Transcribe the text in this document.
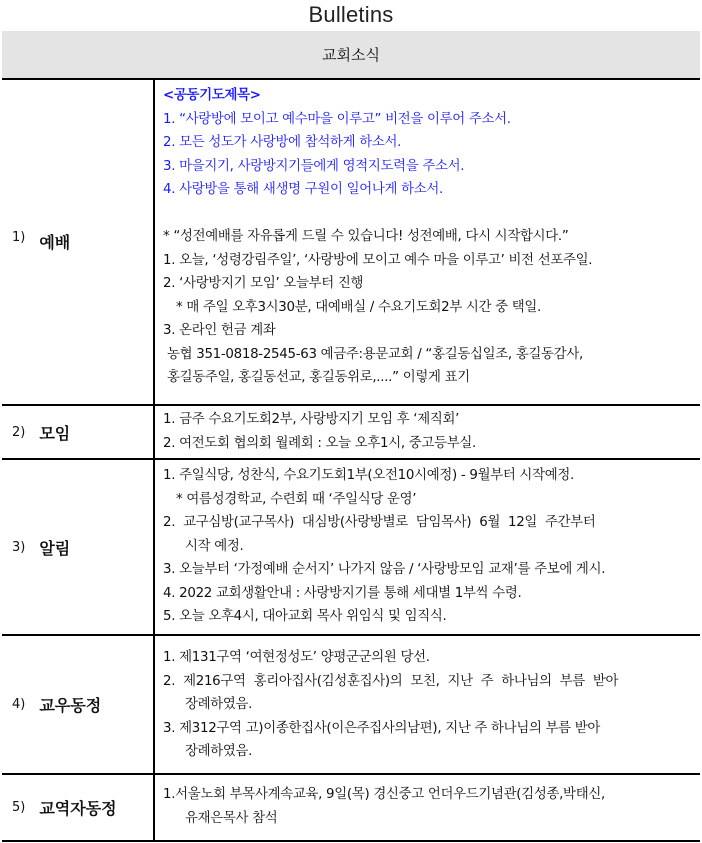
Bulletins
교회소식
1) 예배
<공동기도제목>
1. “사랑방에 모이고 예수마을 이루고” 비전을 이루어 주소서.
2. 모든 성도가 사랑방에 참석하게 하소서.
3. 마을지기, 사랑방지기들에게 영적지도력을 주소서.
4. 사랑방을 통해 새생명 구원이 일어나게 하소서.
* “성전예배를 자유롭게 드릴 수 있습니다! 성전예배, 다시 시작합시다.”
1. 오늘, ‘성령강림주일’, ‘사랑방에 모이고 예수 마을 이루고’ 비전 선포주일.
2. ‘사랑방지기 모임’ 오늘부터 진행
* 매 주일 오후3시30분, 대예배실 / 수요기도회2부 시간 중 택일.
3. 온라인 헌금 계좌
농협 351-0818-2545-63 예금주:용문교회 / “홍길동십일조, 홍길동감사,
홍길동주일, 홍길동선교, 홍길동위로,....” 이렇게 표기
2) 모임
1. 금주 수요기도회2부, 사랑방지기 모임 후 ‘제직회’
2. 여전도회 협의회 월례회 : 오늘 오후1시, 중고등부실.
3) 알림
1. 주일식당, 성찬식, 수요기도회1부(오전10시예정) - 9월부터 시작예정.
* 여름성경학교, 수련회 때 ‘주일식당 운영’
2.  교구심방(교구목사)  대심방(사랑방별로  담임목사)  6월  12일  주간부터
시작 예정.
3. 오늘부터 ‘가정예배 순서지’ 나가지 않음 / ‘사랑방모임 교재’를 주보에 게시.
4. 2022 교회생활안내 : 사랑방지기를 통해 세대별 1부씩 수령.
5. 오늘 오후4시, 대아교회 목사 위임식 및 임직식.
4) 교우동정
1. 제131구역 ‘여현정성도’ 양평군군의원 당선.
2.  제216구역  홍리아집사(김성훈집사)의  모친,  지난  주  하나님의  부름  받아
장례하였음.
3. 제312구역 고)이종한집사(이은주집사의남편), 지난 주 하나님의 부름 받아
장례하였음.
5) 교역자동정
1.서울노회 부목사계속교육, 9일(목) 경신중고 언더우드기념관(김성종,박태신,
유재은목사 참석
